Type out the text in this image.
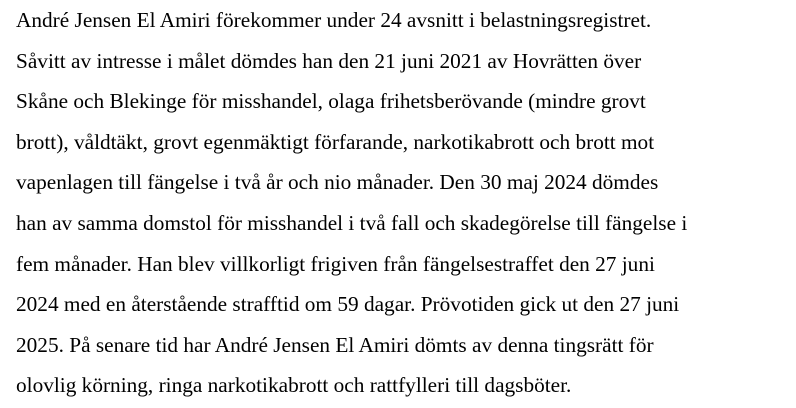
André Jensen El Amiri förekommer under 24 avsnitt i belastningsregistret.
Såvitt av intresse i målet dömdes han den 21 juni 2021 av Hovrätten över
Skåne och Blekinge för misshandel, olaga frihetsberövande (mindre grovt
brott), våldtäkt, grovt egenmäktigt förfarande, narkotikabrott och brott mot
vapenlagen till fängelse i två år och nio månader. Den 30 maj 2024 dömdes
han av samma domstol för misshandel i två fall och skadegörelse till fängelse i
fem månader. Han blev villkorligt frigiven från fängelsestraffet den 27 juni
2024 med en återstående strafftid om 59 dagar. Prövotiden gick ut den 27 juni
2025. På senare tid har André Jensen El Amiri dömts av denna tingsrätt för
olovlig körning, ringa narkotikabrott och rattfylleri till dagsböter.
